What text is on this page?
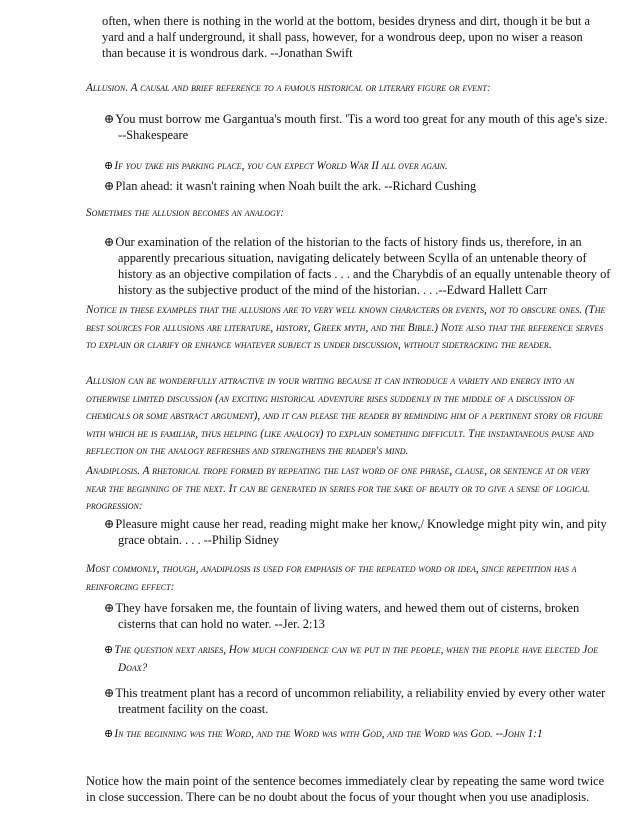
often, when there is nothing in the world at the bottom, besides dryness and dirt, though it be but a yard and a half underground, it shall pass, however, for a wondrous deep, upon no wiser a reason than because it is wondrous dark. --Jonathan Swift

Allusion. A causal and brief reference to a famous historical or literary figure or event:

⊕ You must borrow me Gargantua's mouth first. 'Tis a word too great for any mouth of this age's size. --Shakespeare

⊕ If you take his parking place, you can expect World War II all over again.

⊕ Plan ahead: it wasn't raining when Noah built the ark. --Richard Cushing

Sometimes the allusion becomes an analogy:

⊕ Our examination of the relation of the historian to the facts of history finds us, therefore, in an apparently precarious situation, navigating delicately between Scylla of an untenable theory of history as an objective compilation of facts . . . and the Charybdis of an equally untenable theory of history as the subjective product of the mind of the historian. . . .--Edward Hallett Carr

Notice in these examples that the allusions are to very well known characters or events, not to obscure ones. (The best sources for allusions are literature, history, Greek myth, and the Bible.) Note also that the reference serves to explain or clarify or enhance whatever subject is under discussion, without sidetracking the reader.

Allusion can be wonderfully attractive in your writing because it can introduce a variety and energy into an otherwise limited discussion (an exciting historical adventure rises suddenly in the middle of a discussion of chemicals or some abstract argument), and it can please the reader by reminding him of a pertinent story or figure with which he is familiar, thus helping (like analogy) to explain something difficult. The instantaneous pause and reflection on the analogy refreshes and strengthens the reader's mind.

Anadiplosis. A rhetorical trope formed by repeating the last word of one phrase, clause, or sentence at or very near the beginning of the next. It can be generated in series for the sake of beauty or to give a sense of logical progression:

⊕ Pleasure might cause her read, reading might make her know,/ Knowledge might pity win, and pity grace obtain. . . . --Philip Sidney

Most commonly, though, anadiplosis is used for emphasis of the repeated word or idea, since repetition has a reinforcing effect:

⊕ They have forsaken me, the fountain of living waters, and hewed them out of cisterns, broken cisterns that can hold no water. --Jer. 2:13

⊕ The question next arises, How much confidence can we put in the people, when the people have elected Joe Doax?

⊕ This treatment plant has a record of uncommon reliability, a reliability envied by every other water treatment facility on the coast.

⊕ In the beginning was the Word, and the Word was with God, and the Word was God. --John 1:1

Notice how the main point of the sentence becomes immediately clear by repeating the same word twice in close succession. There can be no doubt about the focus of your thought when you use anadiplosis.
